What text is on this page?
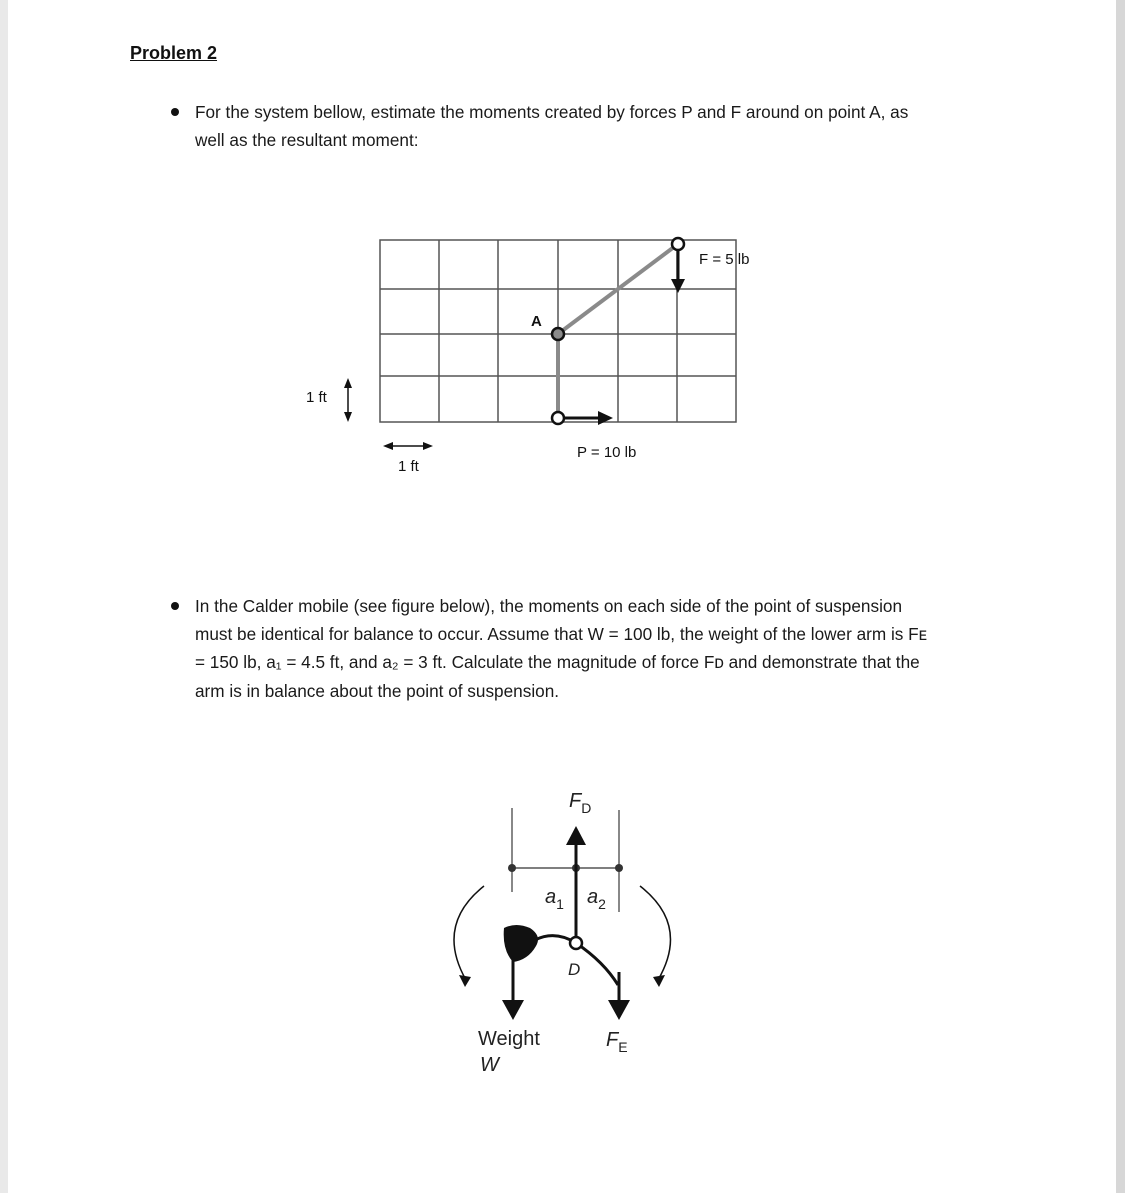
Problem 2
For the system bellow, estimate the moments created by forces P and F around on point A, as
well as the resultant moment:
In the Calder mobile (see figure below), the moments on each side of the point of suspension
must be identical for balance to occur. Assume that W = 100 lb, the weight of the lower arm is Fᴇ
= 150 lb, a₁ = 4.5 ft, and a₂ = 3 ft. Calculate the magnitude of force Fᴅ and demonstrate that the
arm is in balance about the point of suspension.
A
F = 5 lb
P = 10 lb
1 ft
1 ft
$F_D$
$a_1$ $a_2$
D
Weight
W
$F_E$
